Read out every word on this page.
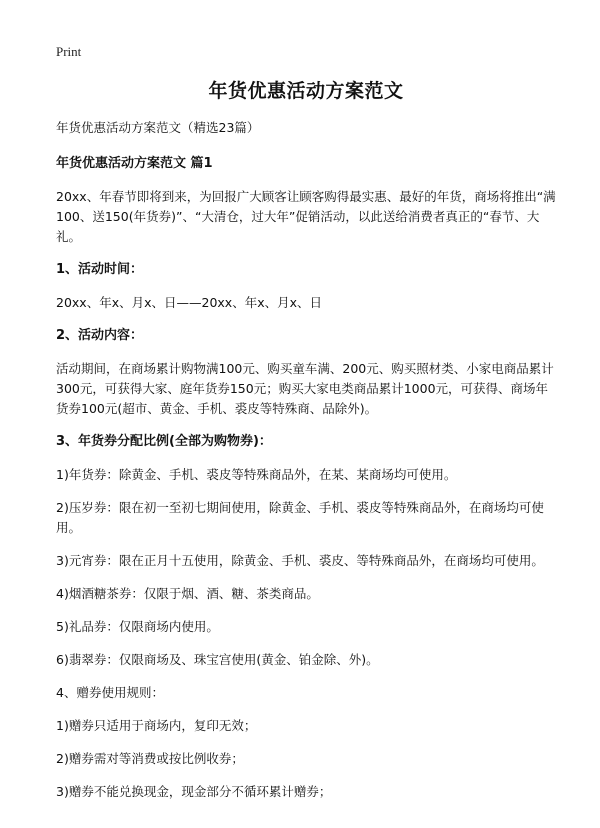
Print
年货优惠活动方案范文
年货优惠活动方案范文（精选23篇）
年货优惠活动方案范文 篇1
20xx、年春节即将到来，为回报广大顾客让顾客购得最实惠、最好的年货，商场将推出“满100、送150(年货券)”、“大清仓，过大年”促销活动，以此送给消费者真正的“春节、大礼。
1、活动时间：
20xx、年x、月x、日——20xx、年x、月x、日
2、活动内容：
活动期间，在商场累计购物满100元、购买童车满、200元、购买照材类、小家电商品累计300元，可获得大家、庭年货券150元；购买大家电类商品累计1000元，可获得、商场年货券100元(超市、黄金、手机、裘皮等特殊商、品除外)。
3、年货券分配比例(全部为购物券)：
1)年货券：除黄金、手机、裘皮等特殊商品外，在某、某商场均可使用。
2)压岁券：限在初一至初七期间使用，除黄金、手机、裘皮等特殊商品外，在商场均可使用。
3)元宵券：限在正月十五使用，除黄金、手机、裘皮、等特殊商品外，在商场均可使用。
4)烟酒糖茶券：仅限于烟、酒、糖、茶类商品。
5)礼品券：仅限商场内使用。
6)翡翠券：仅限商场及、珠宝宫使用(黄金、铂金除、外)。
4、赠券使用规则：
1)赠券只适用于商场内，复印无效；
2)赠券需对等消费或按比例收券；
3)赠券不能兑换现金，现金部分不循环累计赠券；
